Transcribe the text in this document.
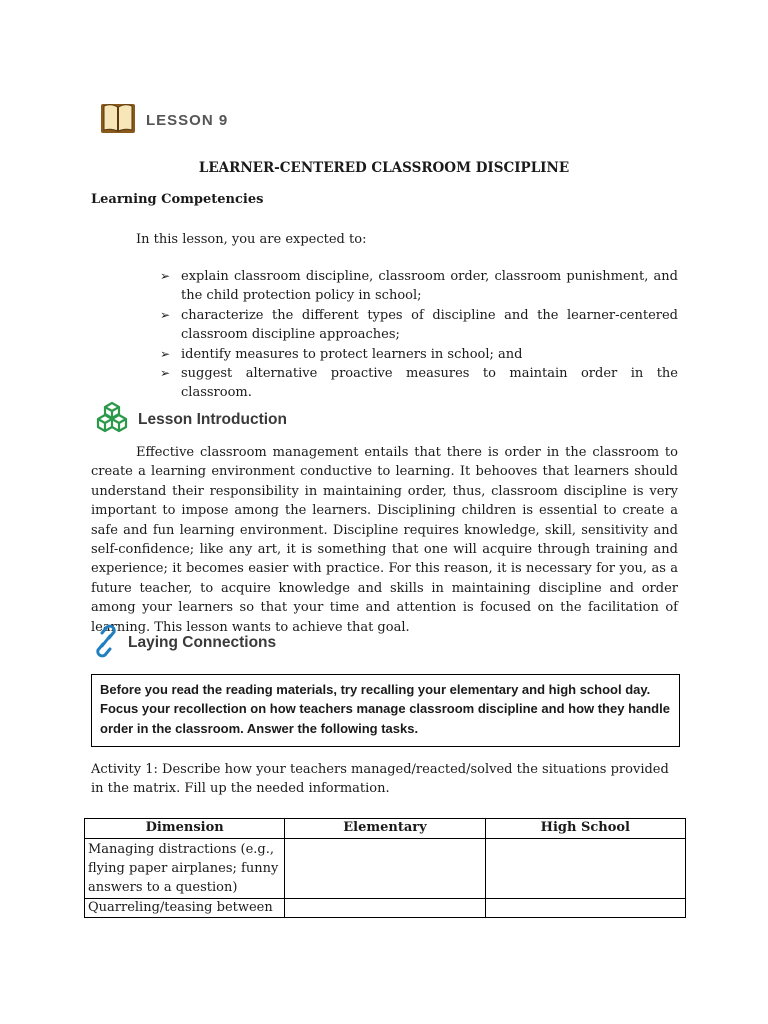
LESSON 9
LEARNER-CENTERED CLASSROOM DISCIPLINE
Learning Competencies
In this lesson, you are expected to:
➢ explain classroom discipline, classroom order, classroom punishment, and the child protection policy in school;
➢ characterize the different types of discipline and the learner-centered classroom discipline approaches;
➢ identify measures to protect learners in school; and
➢ suggest alternative proactive measures to maintain order in the classroom.
Lesson Introduction

Effective classroom management entails that there is order in the classroom to create a learning environment conductive to learning. It behooves that learners should understand their responsibility in maintaining order, thus, classroom discipline is very important to impose among the learners. Disciplining children is essential to create a safe and fun learning environment. Discipline requires knowledge, skill, sensitivity and self-confidence; like any art, it is something that one will acquire through training and experience; it becomes easier with practice. For this reason, it is necessary for you, as a future teacher, to acquire knowledge and skills in maintaining discipline and order among your learners so that your time and attention is focused on the facilitation of learning. This lesson wants to achieve that goal.

Laying Connections
Before you read the reading materials, try recalling your elementary and high school day. Focus your recollection on how teachers manage classroom discipline and how they handle order in the classroom. Answer the following tasks.
Activity 1: Describe how your teachers managed/reacted/solved the situations provided in the matrix. Fill up the needed information.
Dimension	Elementary	High School
Managing distractions (e.g., flying paper airplanes; funny answers to a question)		
Quarreling/teasing between		
